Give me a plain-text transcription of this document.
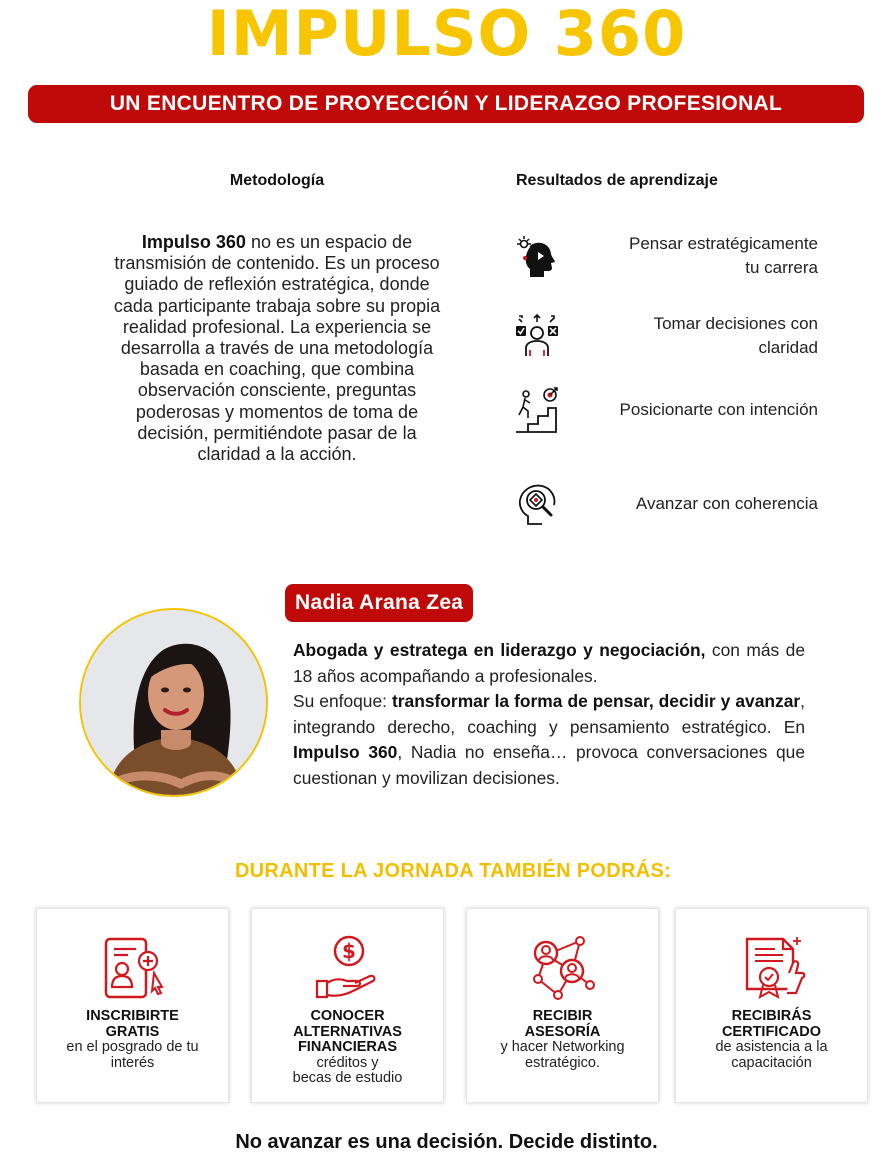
IMPULSO 360
UN ENCUENTRO DE PROYECCIÓN Y LIDERAZGO PROFESIONAL
Metodología
Impulso 360 no es un espacio de transmisión de contenido. Es un proceso guiado de reflexión estratégica, donde cada participante trabaja sobre su propia realidad profesional. La experiencia se desarrolla a través de una metodología basada en coaching, que combina observación consciente, preguntas poderosas y momentos de toma de decisión, permitiéndote pasar de la claridad a la acción.
Resultados de aprendizaje
Pensar estratégicamente
tu carrera
Tomar decisiones con
claridad
Posicionarte con intención
Avanzar con coherencia
Nadia Arana Zea
Abogada y estratega en liderazgo y negociación, con más de 18 años acompañando a profesionales.
Su enfoque: transformar la forma de pensar, decidir y avanzar, integrando derecho, coaching y pensamiento estratégico. En Impulso 360, Nadia no enseña… provoca conversaciones que cuestionan y movilizan decisiones.
DURANTE LA JORNADA TAMBIÉN PODRÁS:
INSCRIBIRTE
GRATIS
en el posgrado de tu
interés
$
CONOCER
ALTERNATIVAS
FINANCIERAS
créditos y
becas de estudio
RECIBIR
ASESORÍA
y hacer Networking
estratégico.
RECIBIRÁS
CERTIFICADO
de asistencia a la
capacitación
No avanzar es una decisión. Decide distinto.
